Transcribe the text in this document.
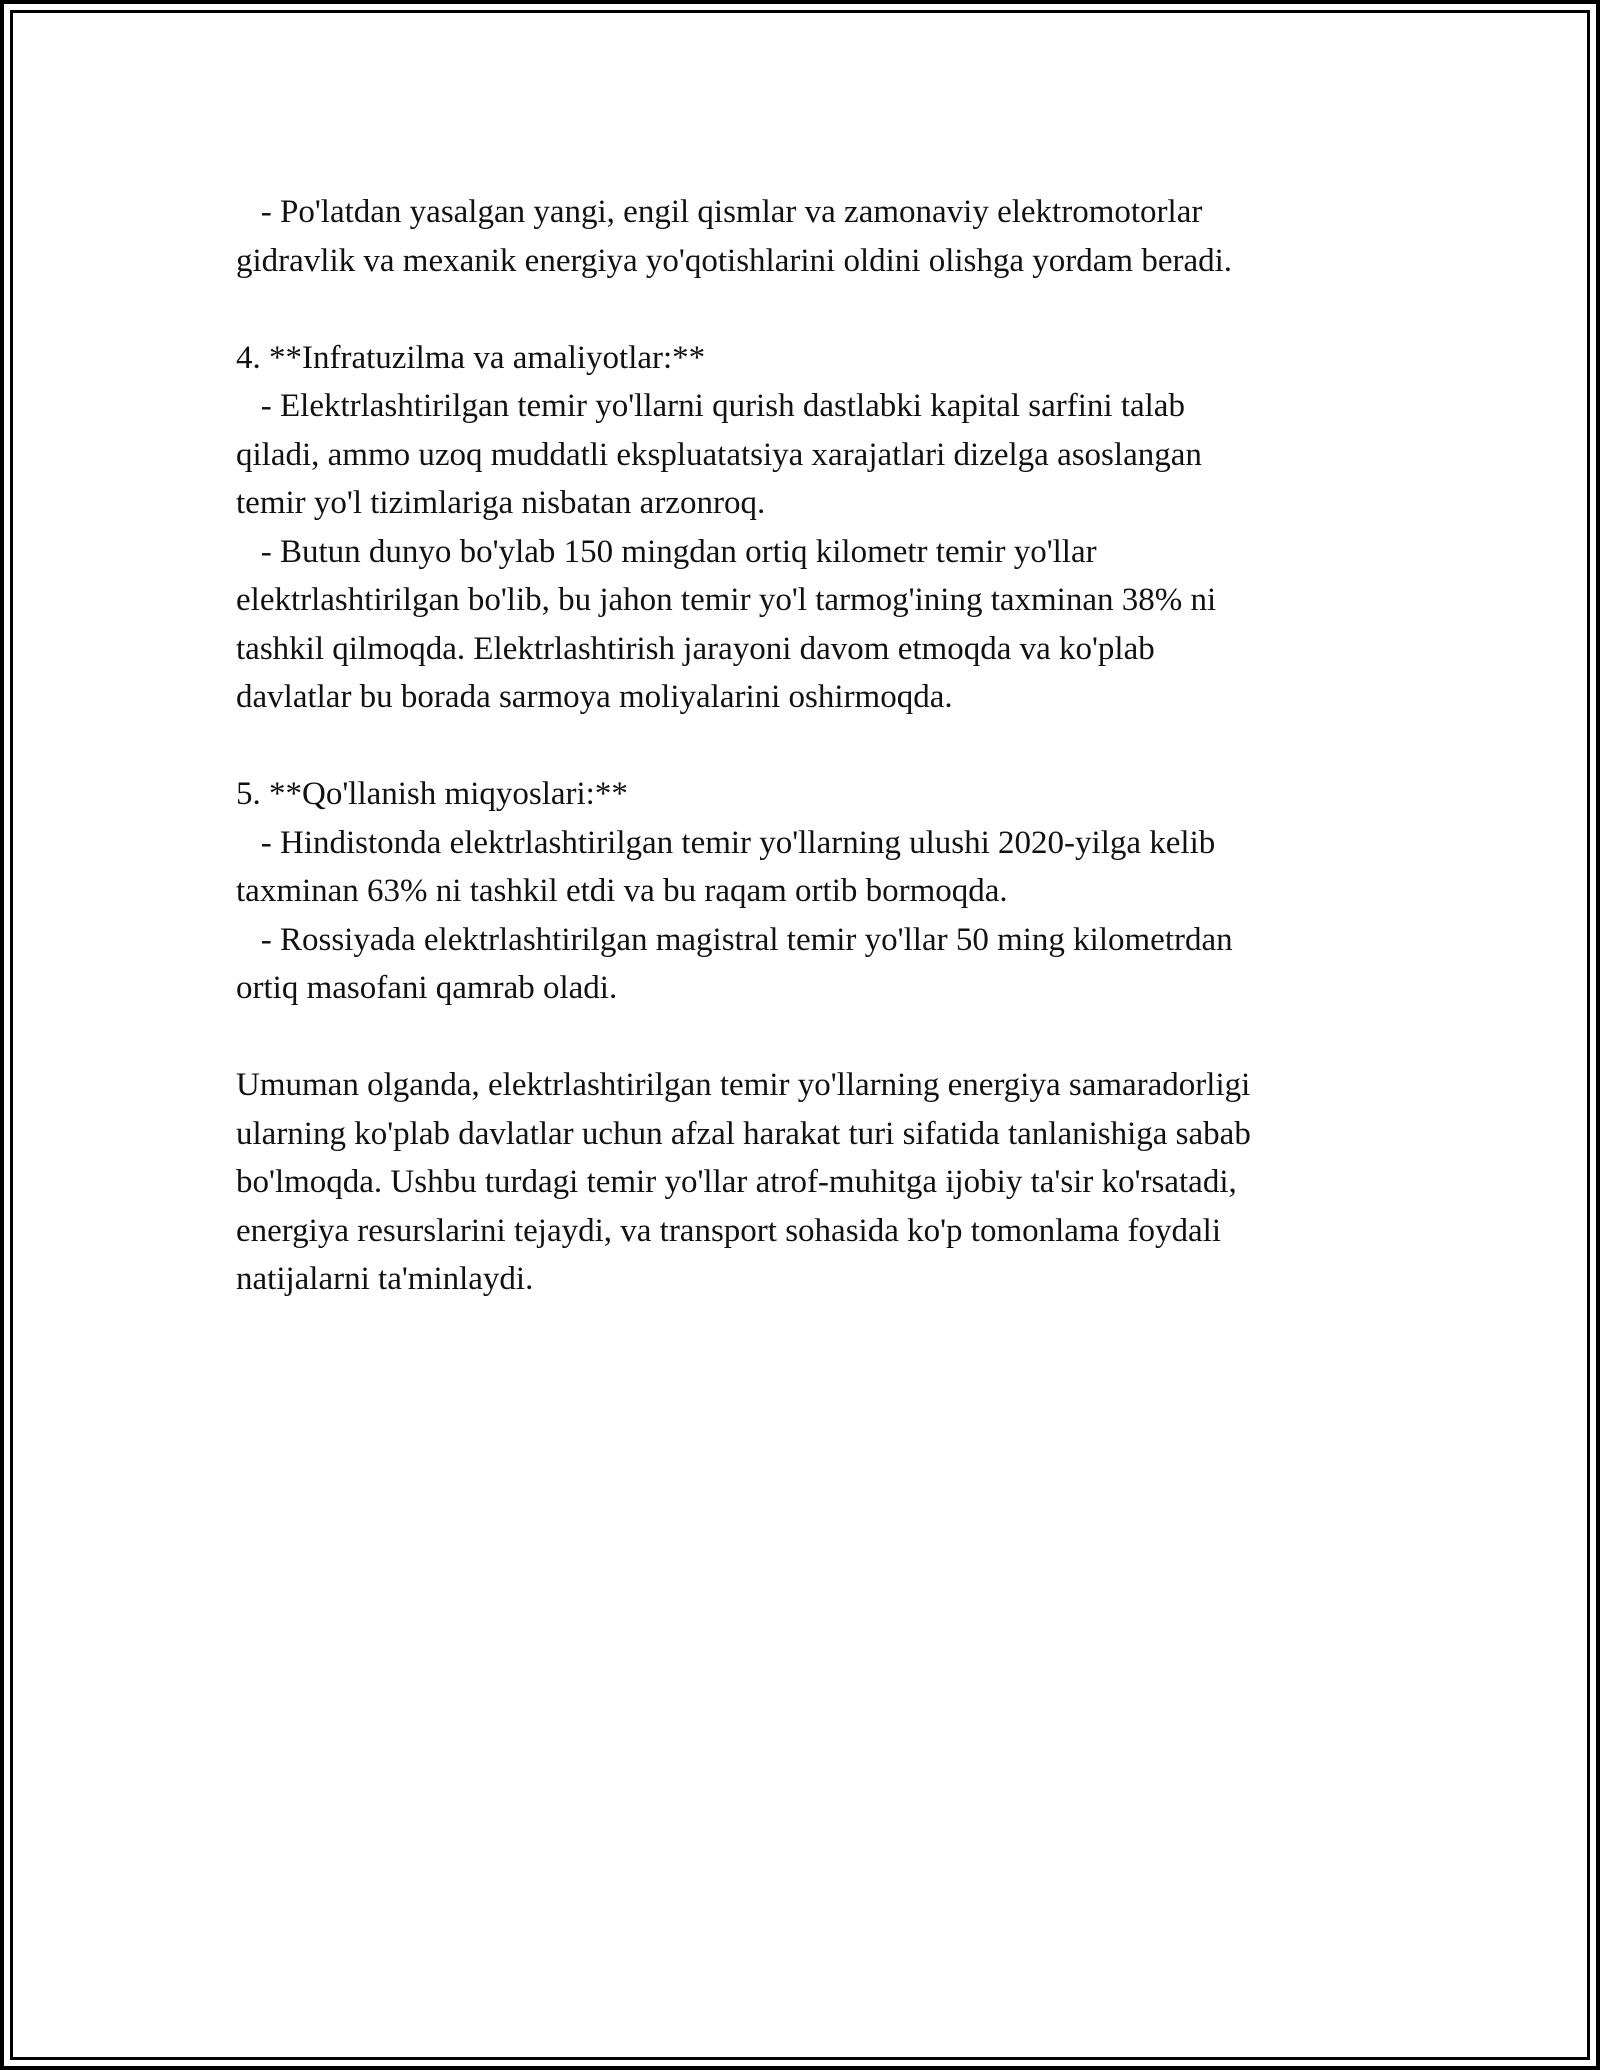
- Po'latdan yasalgan yangi, engil qismlar va zamonaviy elektromotorlar
gidravlik va mexanik energiya yo'qotishlarini oldini olishga yordam beradi.
4. **Infratuzilma va amaliyotlar:**
- Elektrlashtirilgan temir yo'llarni qurish dastlabki kapital sarfini talab
qiladi, ammo uzoq muddatli ekspluatatsiya xarajatlari dizelga asoslangan
temir yo'l tizimlariga nisbatan arzonroq.
- Butun dunyo bo'ylab 150 mingdan ortiq kilometr temir yo'llar
elektrlashtirilgan bo'lib, bu jahon temir yo'l tarmog'ining taxminan 38% ni
tashkil qilmoqda. Elektrlashtirish jarayoni davom etmoqda va ko'plab
davlatlar bu borada sarmoya moliyalarini oshirmoqda.
5. **Qo'llanish miqyoslari:**
- Hindistonda elektrlashtirilgan temir yo'llarning ulushi 2020-yilga kelib
taxminan 63% ni tashkil etdi va bu raqam ortib bormoqda.
- Rossiyada elektrlashtirilgan magistral temir yo'llar 50 ming kilometrdan
ortiq masofani qamrab oladi.
Umuman olganda, elektrlashtirilgan temir yo'llarning energiya samaradorligi
ularning ko'plab davlatlar uchun afzal harakat turi sifatida tanlanishiga sabab
bo'lmoqda. Ushbu turdagi temir yo'llar atrof-muhitga ijobiy ta'sir ko'rsatadi,
energiya resurslarini tejaydi, va transport sohasida ko'p tomonlama foydali
natijalarni ta'minlaydi.
